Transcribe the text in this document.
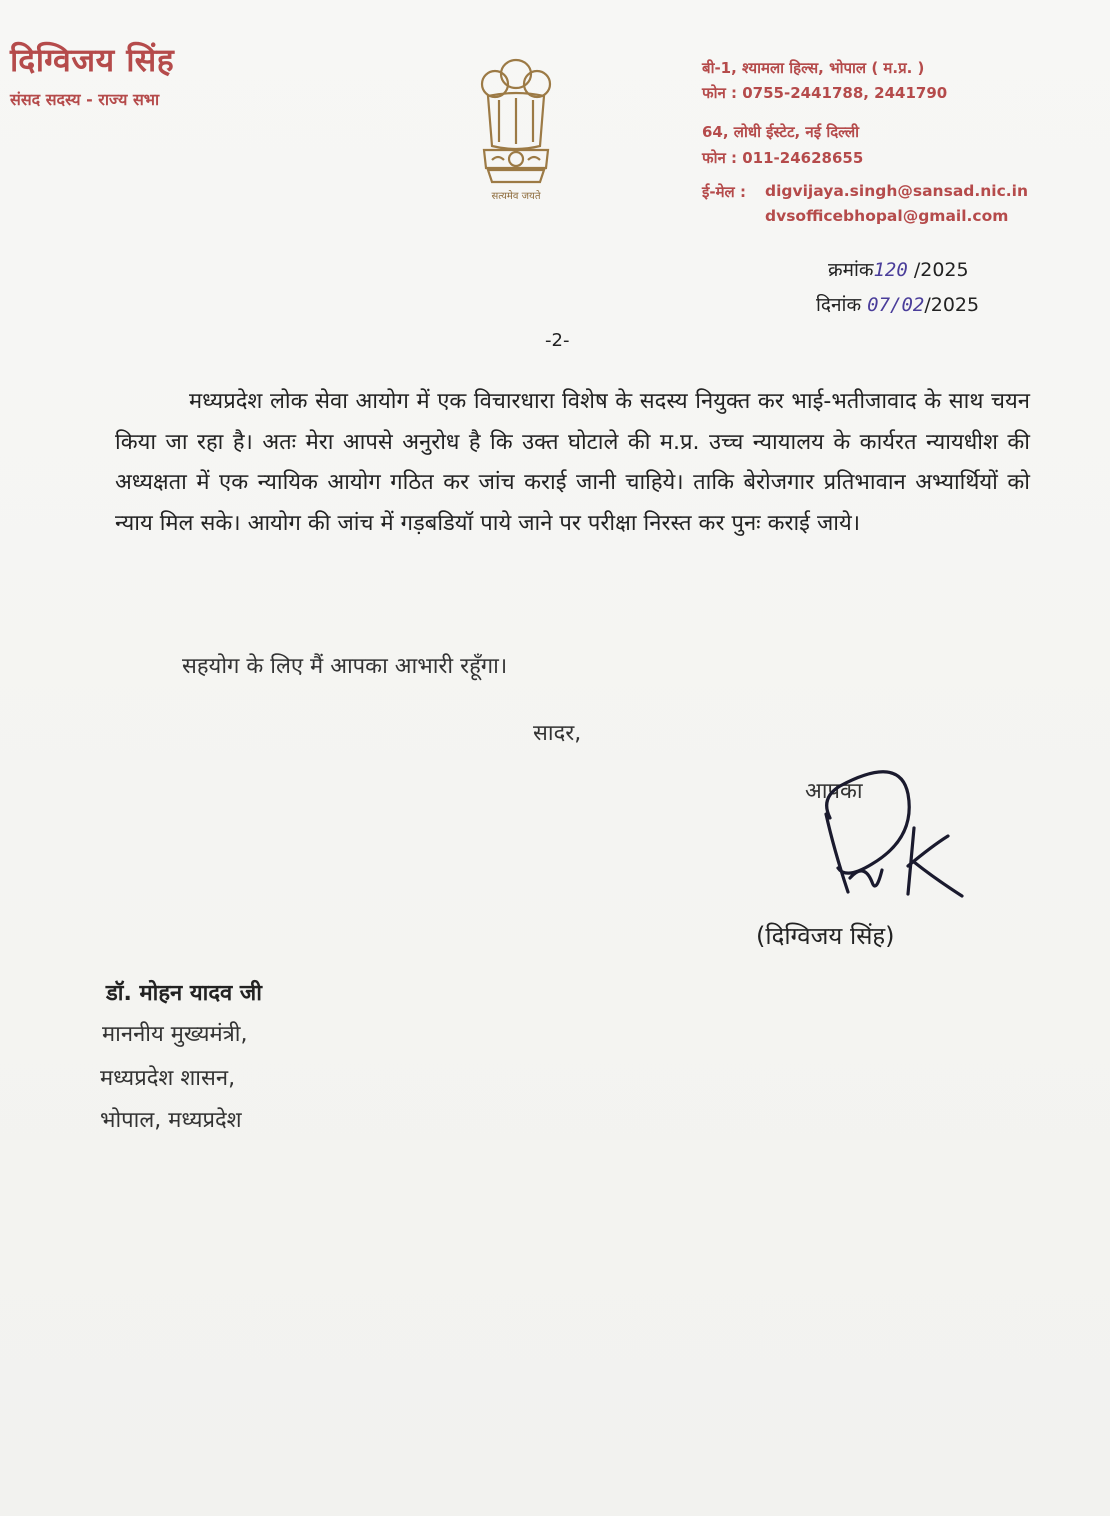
दिग्विजय सिंह
संसद सदस्य - राज्य सभा
सत्यमेव जयते
बी-1, श्यामला हिल्स, भोपाल ( म.प्र. )
फोन : 0755-2441788, 2441790
64, लोधी ईस्टेट, नई दिल्ली
फोन : 011-24628655
ई-मेल : digvijaya.singh@sansad.nic.in
dvsofficebhopal@gmail.com
क्रमांक120 /2025
दिनांक 07/02/2025
-2-

मध्यप्रदेश लोक सेवा आयोग में एक विचारधारा विशेष के सदस्य नियुक्त कर भाई-भतीजावाद के साथ चयन किया जा रहा है। अतः मेरा आपसे अनुरोध है कि उक्त घोटाले की म.प्र. उच्च न्यायालय के कार्यरत न्यायधीश की अध्यक्षता में एक न्यायिक आयोग गठित कर जांच कराई जानी चाहिये। ताकि बेरोजगार प्रतिभावान अभ्यार्थियों को न्याय मिल सके। आयोग की जांच में गड़बडियॉ पाये जाने पर परीक्षा निरस्त कर पुनः कराई जाये।

सहयोग के लिए मैं आपका आभारी रहूँगा।
सादर,
आपका
(दिग्विजय सिंह)
डॉ. मोहन यादव जी
माननीय मुख्यमंत्री,
मध्यप्रदेश शासन,
भोपाल, मध्यप्रदेश
